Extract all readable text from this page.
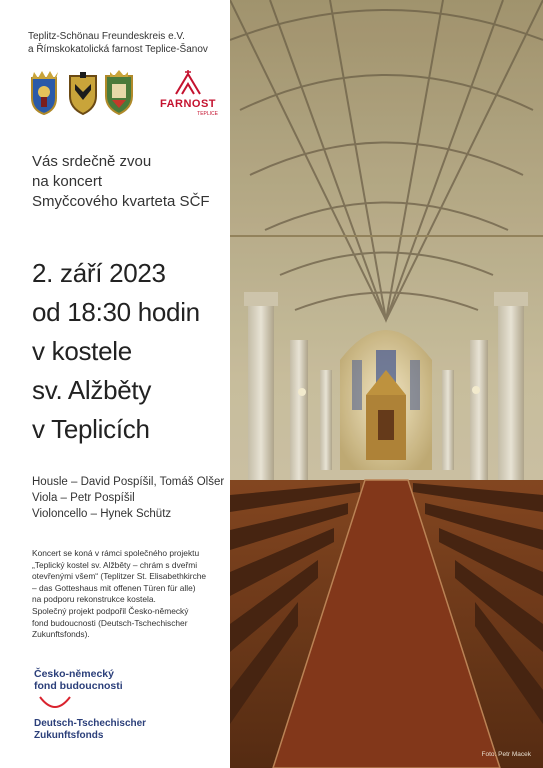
Teplitz-Schönau Freundeskreis e.V.
a Římskokatolická farnost Teplice-Šanov
FARNOST
TEPLICE
Vás srdečně zvou
na koncert
Smyčcového kvarteta SČF
2. září 2023
od 18:30 hodin
v kostele
sv. Alžběty
v Teplicích
Housle – David Pospíšil, Tomáš Olšer
Viola – Petr Pospíšil
Violoncello – Hynek Schütz
Koncert se koná v rámci společného projektu
„Teplický kostel sv. Alžběty – chrám s dveřmi
otevřenými všem“ (Teplitzer St. Elisabethkirche
– das Gotteshaus mit offenen Türen für alle)
na podporu rekonstrukce kostela.
Společný projekt podpořil Česko-německý
fond budoucnosti (Deutsch-Tschechischer
Zukunftsfonds).
Česko-německý
fond budoucnosti
Deutsch-Tschechischer
Zukunftsfonds
Foto: Petr Macek
